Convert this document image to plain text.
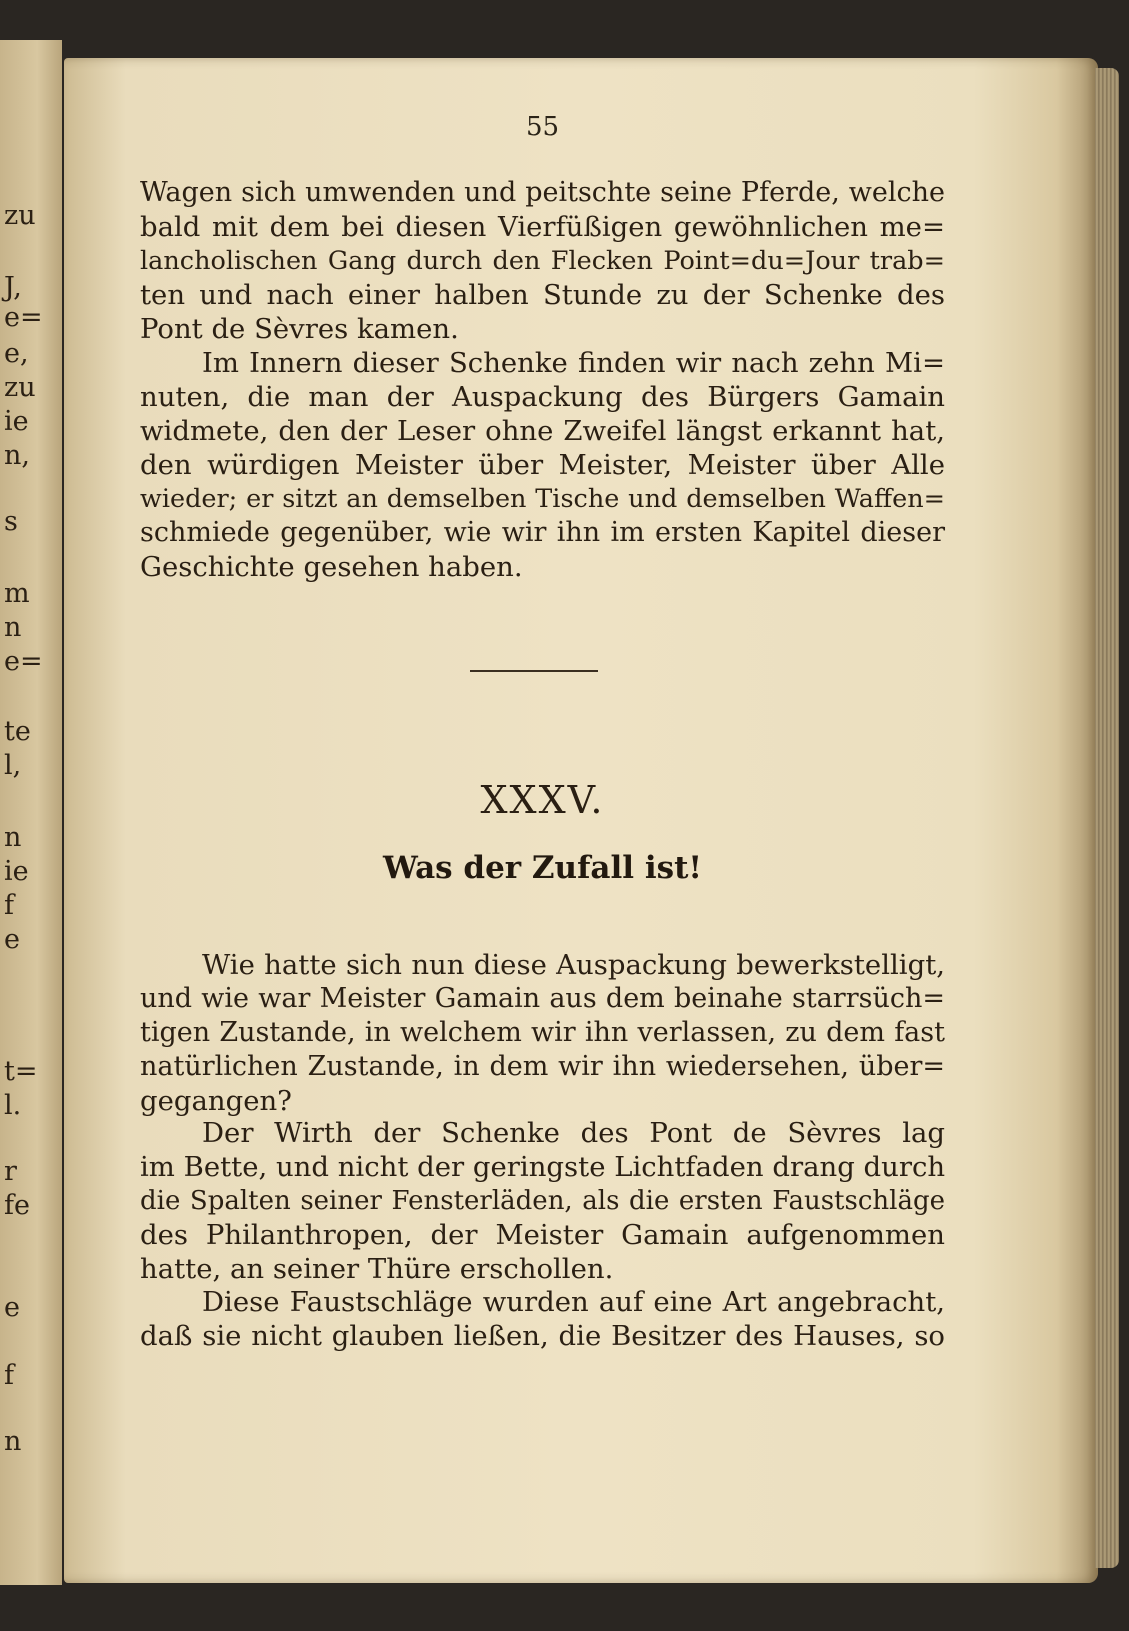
zu
J,
e=
e,
zu
ie
n,
s
m
n
e=
te
l,
n
ie
f
e
t=
l.
r
fe
e
f
n
55
Wagen sich umwenden und peitschte seine Pferde, welche
bald mit dem bei diesen Vierfüßigen gewöhnlichen me=
lancholischen Gang durch den Flecken Point=du=Jour trab=
ten und nach einer halben Stunde zu der Schenke des
Pont de Sèvres kamen.
Im Innern dieser Schenke finden wir nach zehn Mi=
nuten, die man der Auspackung des Bürgers Gamain
widmete, den der Leser ohne Zweifel längst erkannt hat,
den würdigen Meister über Meister, Meister über Alle
wieder; er sitzt an demselben Tische und demselben Waffen=
schmiede gegenüber, wie wir ihn im ersten Kapitel dieser
Geschichte gesehen haben.
XXXV.
Was der Zufall ist!
Wie hatte sich nun diese Auspackung bewerkstelligt,
und wie war Meister Gamain aus dem beinahe starrsüch=
tigen Zustande, in welchem wir ihn verlassen, zu dem fast
natürlichen Zustande, in dem wir ihn wiedersehen, über=
gegangen?
Der Wirth der Schenke des Pont de Sèvres lag
im Bette, und nicht der geringste Lichtfaden drang durch
die Spalten seiner Fensterläden, als die ersten Faustschläge
des Philanthropen, der Meister Gamain aufgenommen
hatte, an seiner Thüre erschollen.
Diese Faustschläge wurden auf eine Art angebracht,
daß sie nicht glauben ließen, die Besitzer des Hauses, so
